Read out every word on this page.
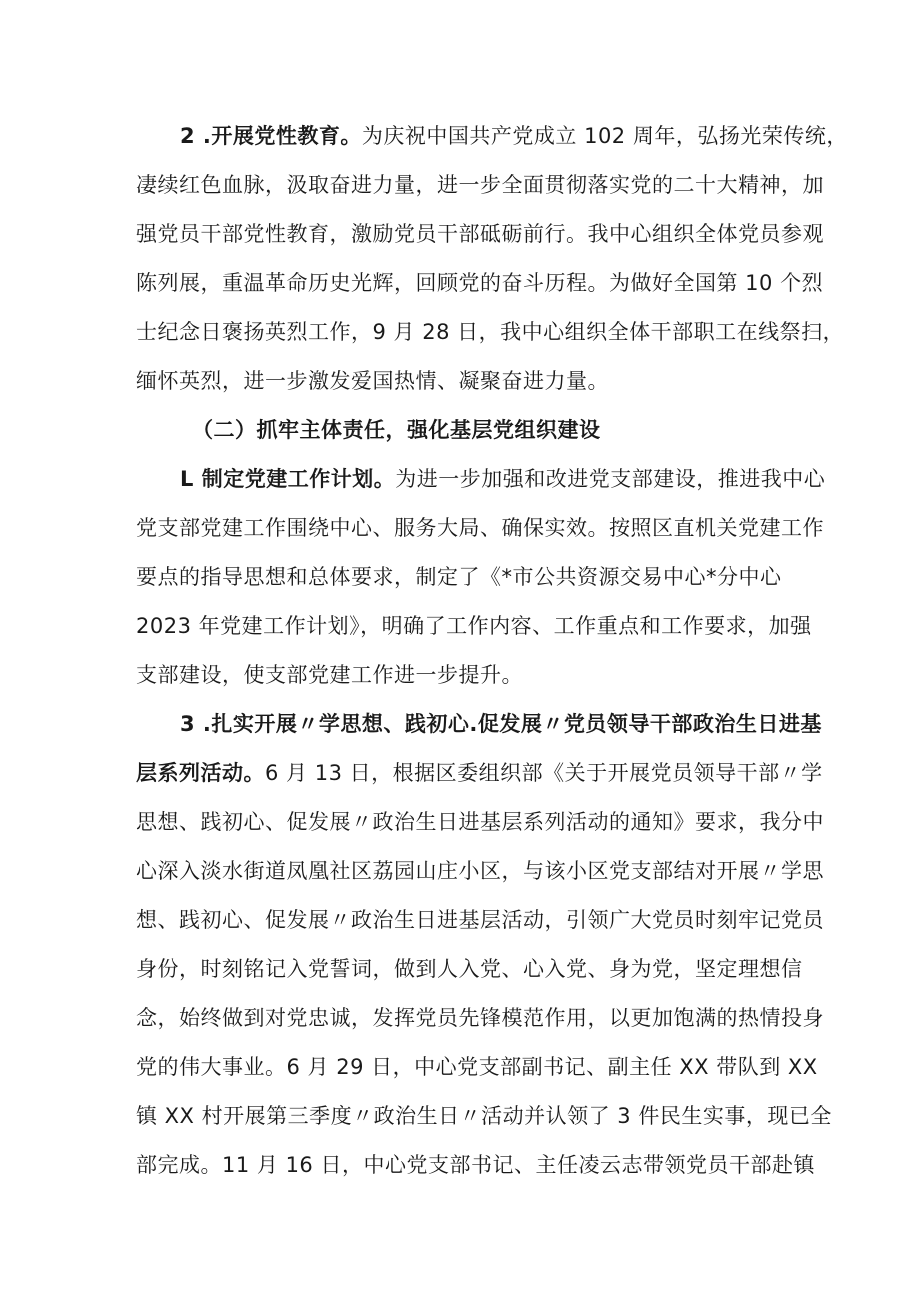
2 .开展党性教育。为庆祝中国共产党成立 102 周年，弘扬光荣传统，
凄续红色血脉，汲取奋进力量，进一步全面贯彻落实党的二十大精神，加
强党员干部党性教育，激励党员干部砥砺前行。我中心组织全体党员参观
陈列展，重温革命历史光辉，回顾党的奋斗历程。为做好全国第 10 个烈
士纪念日褒扬英烈工作，9 月 28 日，我中心组织全体干部职工在线祭扫，
缅怀英烈，进一步激发爱国热情、凝聚奋进力量。
（二）抓牢主体责任，强化基层党组织建设
L 制定党建工作计划。为进一步加强和改进党支部建设，推进我中心
党支部党建工作围绕中心、服务大局、确保实效。按照区直机关党建工作
要点的指导思想和总体要求，制定了《*市公共资源交易中心*分中心
2023 年党建工作计划》，明确了工作内容、工作重点和工作要求，加强
支部建设，使支部党建工作进一步提升。
3 .扎实开展〃学思想、践初心.促发展〃党员领导干部政治生日进基
层系列活动。6 月 13 日，根据区委组织部《关于开展党员领导干部〃学
思想、践初心、促发展〃政治生日进基层系列活动的通知》要求，我分中
心深入淡水街道凤凰社区荔园山庄小区，与该小区党支部结对开展〃学思
想、践初心、促发展〃政治生日进基层活动，引领广大党员时刻牢记党员
身份，时刻铭记入党誓词，做到人入党、心入党、身为党，坚定理想信
念，始终做到对党忠诚，发挥党员先锋模范作用，以更加饱满的热情投身
党的伟大事业。6 月 29 日，中心党支部副书记、副主任 XX 带队到 XX
镇 XX 村开展第三季度〃政治生日〃活动并认领了 3 件民生实事，现已全
部完成。11 月 16 日，中心党支部书记、主任凌云志带领党员干部赴镇
